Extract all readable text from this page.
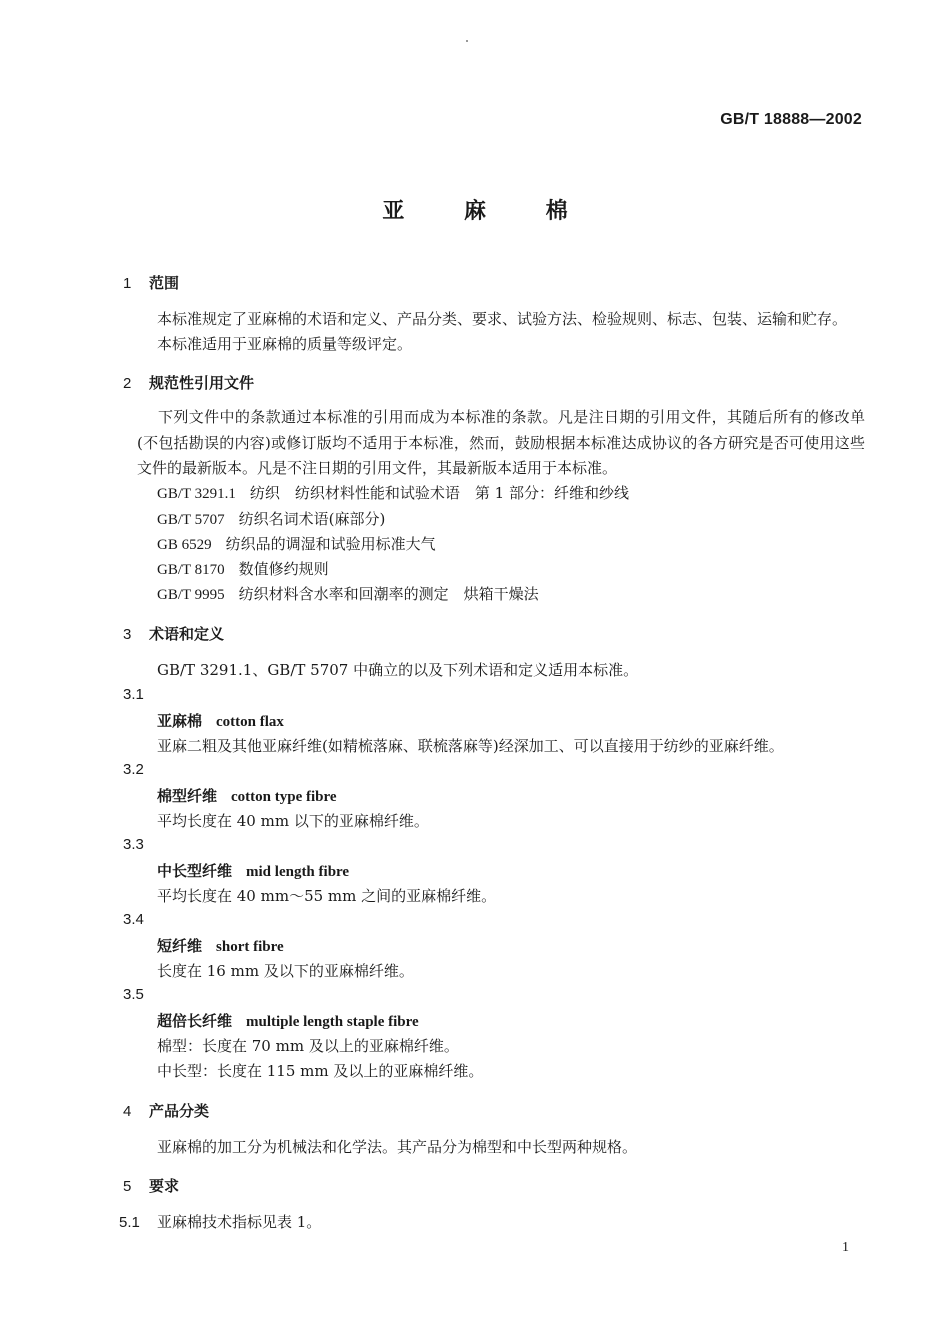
GB/T 18888—2002
亚 麻 棉
1 范围
本标准规定了亚麻棉的术语和定义、产品分类、要求、试验方法、检验规则、标志、包装、运输和贮存。
本标准适用于亚麻棉的质量等级评定。
2 规范性引用文件
下列文件中的条款通过本标准的引用而成为本标准的条款。凡是注日期的引用文件，其随后所有的修改单(不包括勘误的内容)或修订版均不适用于本标准，然而，鼓励根据本标准达成协议的各方研究是否可使用这些文件的最新版本。凡是不注日期的引用文件，其最新版本适用于本标准。
GB/T 3291.1 纺织　纺织材料性能和试验术语　第 1 部分：纤维和纱线
GB/T 5707 纺织名词术语(麻部分)
GB 6529 纺织品的调湿和试验用标准大气
GB/T 8170 数值修约规则
GB/T 9995 纺织材料含水率和回潮率的测定　烘箱干燥法
3 术语和定义
GB/T 3291.1、GB/T 5707 中确立的以及下列术语和定义适用本标准。
3.1
亚麻棉 cotton flax
亚麻二粗及其他亚麻纤维(如精梳落麻、联梳落麻等)经深加工、可以直接用于纺纱的亚麻纤维。
3.2
棉型纤维 cotton type fibre
平均长度在 40 mm 以下的亚麻棉纤维。
3.3
中长型纤维 mid length fibre
平均长度在 40 mm～55 mm 之间的亚麻棉纤维。
3.4
短纤维 short fibre
长度在 16 mm 及以下的亚麻棉纤维。
3.5
超倍长纤维 multiple length staple fibre
棉型：长度在 70 mm 及以上的亚麻棉纤维。
中长型：长度在 115 mm 及以上的亚麻棉纤维。
4 产品分类
亚麻棉的加工分为机械法和化学法。其产品分为棉型和中长型两种规格。
5 要求
5.1 亚麻棉技术指标见表 1。
1
